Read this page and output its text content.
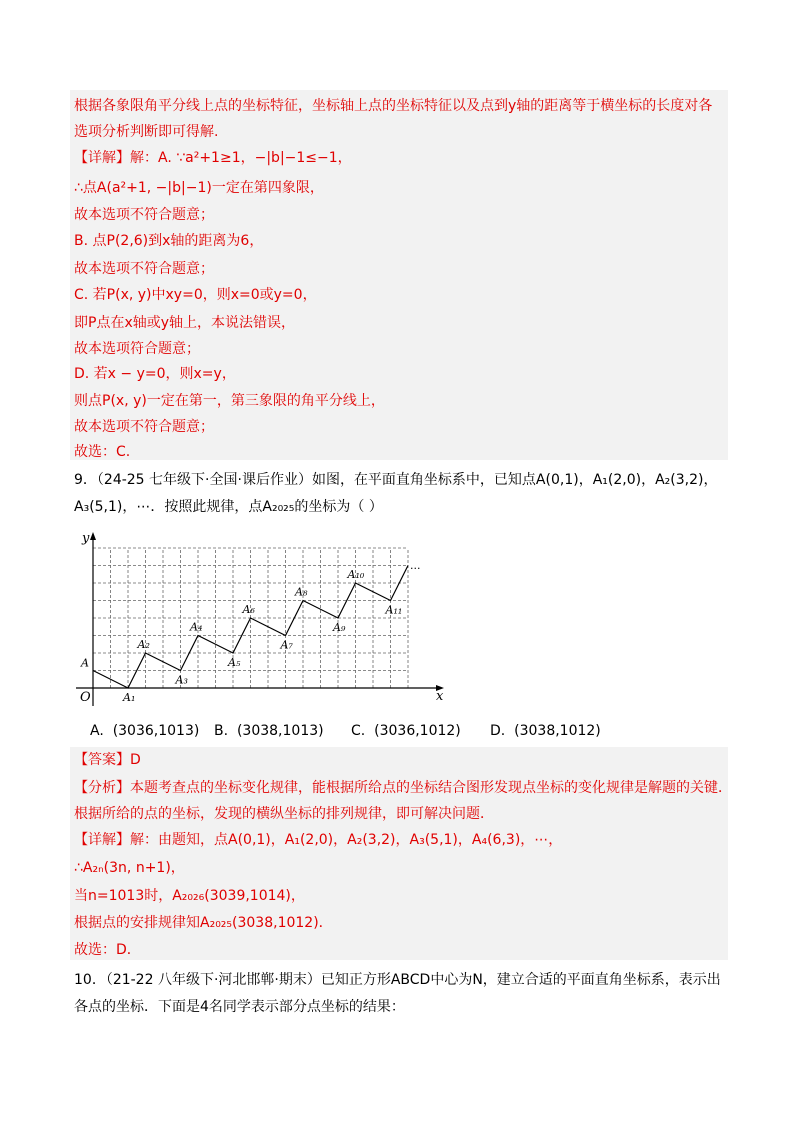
根据各象限角平分线上点的坐标特征，坐标轴上点的坐标特征以及点到y轴的距离等于横坐标的长度对各
选项分析判断即可得解.
【详解】解：A. ∵a²+1≥1，−|b|−1≤−1，
∴点A(a²+1, −|b|−1)一定在第四象限，
故本选项不符合题意；
B. 点P(2,6)到x轴的距离为6，
故本选项不符合题意；
C. 若P(x, y)中xy=0，则x=0或y=0，
即P点在x轴或y轴上，本说法错误，
故本选项符合题意；
D. 若x − y=0，则x=y，
则点P(x, y)一定在第一，第三象限的角平分线上，
故本选项不符合题意；
故选：C.
9．（24-25 七年级下·全国·课后作业）如图，在平面直角坐标系中，已知点A(0,1)，A₁(2,0)，A₂(3,2)，
A₃(5,1)，⋯．按照此规律，点A₂₀₂₅的坐标为（ ）
A
A₁
A₂
A₃
A₄
A₅
A₆
A₇
A₈
A₉
A₁₀
A₁₁
x
y
O
···
A. (3036,1013) B. (3038,1013) C. (3036,1012) D. (3038,1012)
【答案】D
【分析】本题考查点的坐标变化规律，能根据所给点的坐标结合图形发现点坐标的变化规律是解题的关键．
根据所给的点的坐标，发现的横纵坐标的排列规律，即可解决问题．
【详解】解：由题知，点A(0,1)，A₁(2,0)，A₂(3,2)，A₃(5,1)，A₄(6,3)，⋯，
∴A₂ₙ(3n, n+1)，
当n=1013时，A₂₀₂₆(3039,1014)，
根据点的安排规律知A₂₀₂₅(3038,1012)．
故选：D．
10．（21-22 八年级下·河北邯郸·期末）已知正方形ABCD中心为N，建立合适的平面直角坐标系，表示出
各点的坐标．下面是4名同学表示部分点坐标的结果：
